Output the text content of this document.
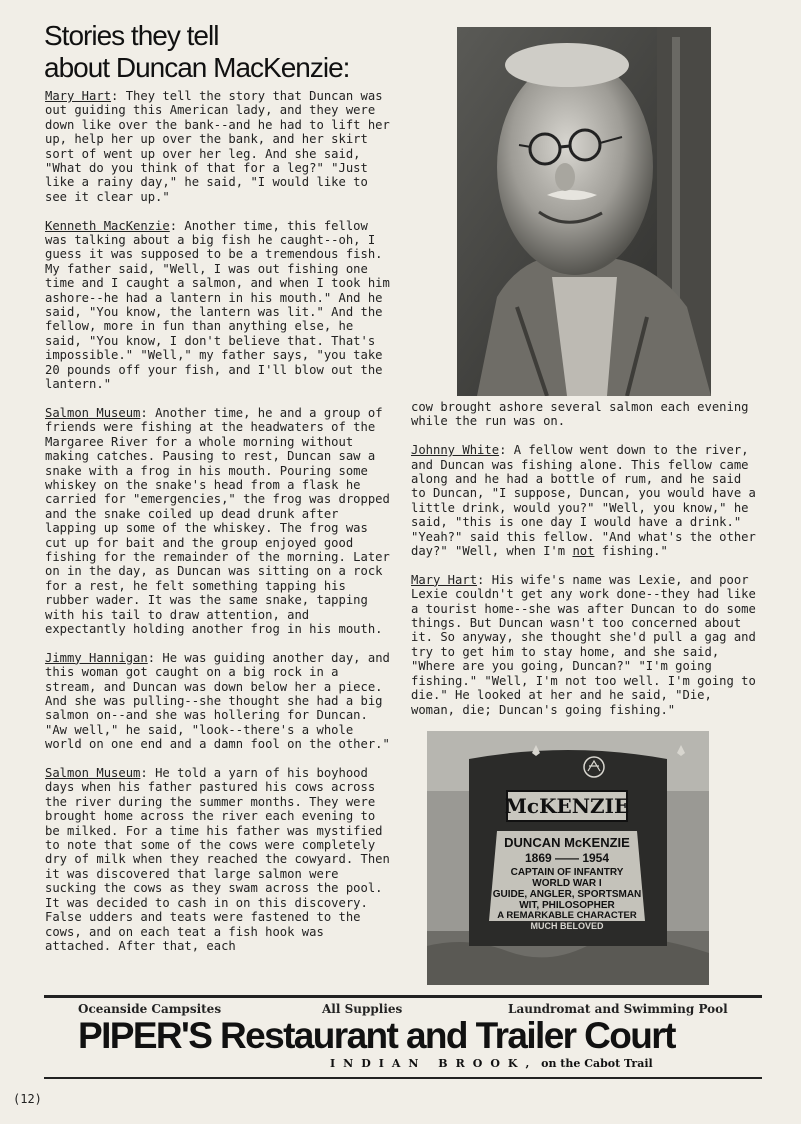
Stories they tell
about Duncan MacKenzie:

Mary Hart: They tell the story that Duncan was out guiding this American lady, and they were down like over the bank--and he had to lift her up, help her up over the bank, and her skirt sort of went up over her leg. And she said, "What do you think of that for a leg?" "Just like a rainy day," he said, "I would like to see it clear up."

Kenneth MacKenzie: Another time, this fellow was talking about a big fish he caught--oh, I guess it was supposed to be a tremendous fish. My father said, "Well, I was out fishing one time and I caught a salmon, and when I took him ashore--he had a lantern in his mouth." And he said, "You know, the lantern was lit." And the fellow, more in fun than anything else, he said, "You know, I don't believe that. That's impossible." "Well," my father says, "you take 20 pounds off your fish, and I'll blow out the lantern."

Salmon Museum: Another time, he and a group of friends were fishing at the headwaters of the Margaree River for a whole morning without making catches. Pausing to rest, Duncan saw a snake with a frog in his mouth. Pouring some whiskey on the snake's head from a flask he carried for "emergencies," the frog was dropped and the snake coiled up dead drunk after lapping up some of the whiskey. The frog was cut up for bait and the group enjoyed good fishing for the remainder of the morning. Later on in the day, as Duncan was sitting on a rock for a rest, he felt something tapping his rubber wader. It was the same snake, tapping with his tail to draw attention, and expectantly holding another frog in his mouth.

Jimmy Hannigan: He was guiding another day, and this woman got caught on a big rock in a stream, and Duncan was down below her a piece. And she was pulling--she thought she had a big salmon on--and she was hollering for Duncan. "Aw well," he said, "look--there's a whole world on one end and a damn fool on the other."

Salmon Museum: He told a yarn of his boyhood days when his father pastured his cows across the river during the summer months. They were brought home across the river each evening to be milked. For a time his father was mystified to note that some of the cows were completely dry of milk when they reached the cowyard. Then it was discovered that large salmon were sucking the cows as they swam across the pool. It was decided to cash in on this discovery. False udders and teats were fastened to the cows, and on each teat a fish hook was attached. After that, each

cow brought ashore several salmon each evening while the run was on.

Johnny White: A fellow went down to the river, and Duncan was fishing alone. This fellow came along and he had a bottle of rum, and he said to Duncan, "I suppose, Duncan, you would have a little drink, would you?" "Well, you know," he said, "this is one day I would have a drink." "Yeah?" said this fellow. "And what's the other day?" "Well, when I'm not fishing."

Mary Hart: His wife's name was Lexie, and poor Lexie couldn't get any work done--they had like a tourist home--she was after Duncan to do some things. But Duncan wasn't too concerned about it. So anyway, she thought she'd pull a gag and try to get him to stay home, and she said, "Where are you going, Duncan?" "I'm going fishing." "Well, I'm not too well. I'm going to die." He looked at her and he said, "Die, woman, die; Duncan's going fishing."

McKENZIE
DUNCAN McKENZIE
1869 —— 1954
CAPTAIN OF INFANTRY
WORLD WAR I
GUIDE, ANGLER, SPORTSMAN
WIT, PHILOSOPHER
A REMARKABLE CHARACTER
MUCH BELOVED
Oceanside Campsites	All Supplies	Laundromat and Swimming Pool
PIPER'S Restaurant and Trailer Court
INDIAN BROOK, on the Cabot Trail
(12)
